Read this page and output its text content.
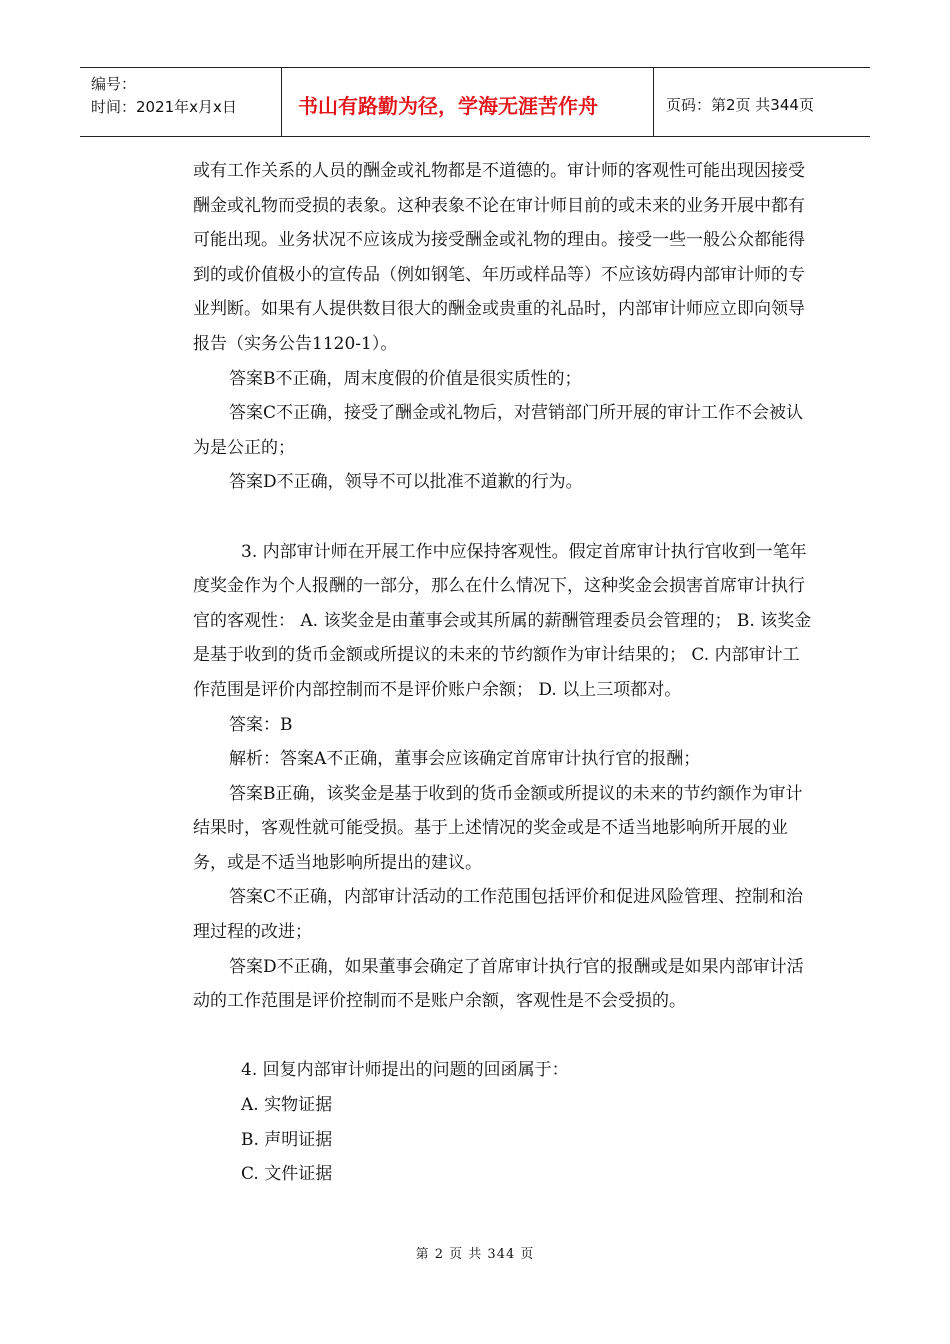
编号：
时间：2021年x月x日	书山有路勤为径，学海无涯苦作舟	页码：第2页 共344页

或有工作关系的人员的酬金或礼物都是不道德的。审计师的客观性可能出现因接受酬金或礼物而受损的表象。这种表象不论在审计师目前的或未来的业务开展中都有可能出现。业务状况不应该成为接受酬金或礼物的理由。接受一些一般公众都能得到的或价值极小的宣传品（例如钢笔、年历或样品等）不应该妨碍内部审计师的专业判断。如果有人提供数目很大的酬金或贵重的礼品时，内部审计师应立即向领导报告（实务公告1120-1）。

答案B不正确，周末度假的价值是很实质性的；

答案C不正确，接受了酬金或礼物后，对营销部门所开展的审计工作不会被认为是公正的；

答案D不正确，领导不可以批准不道歉的行为。

3. 内部审计师在开展工作中应保持客观性。假定首席审计执行官收到一笔年度奖金作为个人报酬的一部分，那么在什么情况下，这种奖金会损害首席审计执行官的客观性： A. 该奖金是由董事会或其所属的薪酬管理委员会管理的； B. 该奖金是基于收到的货币金额或所提议的未来的节约额作为审计结果的； C. 内部审计工作范围是评价内部控制而不是评价账户余额； D. 以上三项都对。

答案：B

解析：答案A不正确，董事会应该确定首席审计执行官的报酬；

答案B正确，该奖金是基于收到的货币金额或所提议的未来的节约额作为审计结果时，客观性就可能受损。基于上述情况的奖金或是不适当地影响所开展的业务，或是不适当地影响所提出的建议。

答案C不正确，内部审计活动的工作范围包括评价和促进风险管理、控制和治理过程的改进；

答案D不正确，如果董事会确定了首席审计执行官的报酬或是如果内部审计活动的工作范围是评价控制而不是账户余额，客观性是不会受损的。

4. 回复内部审计师提出的问题的回函属于：

A. 实物证据

B. 声明证据

C. 文件证据

第 2 页 共 344 页
